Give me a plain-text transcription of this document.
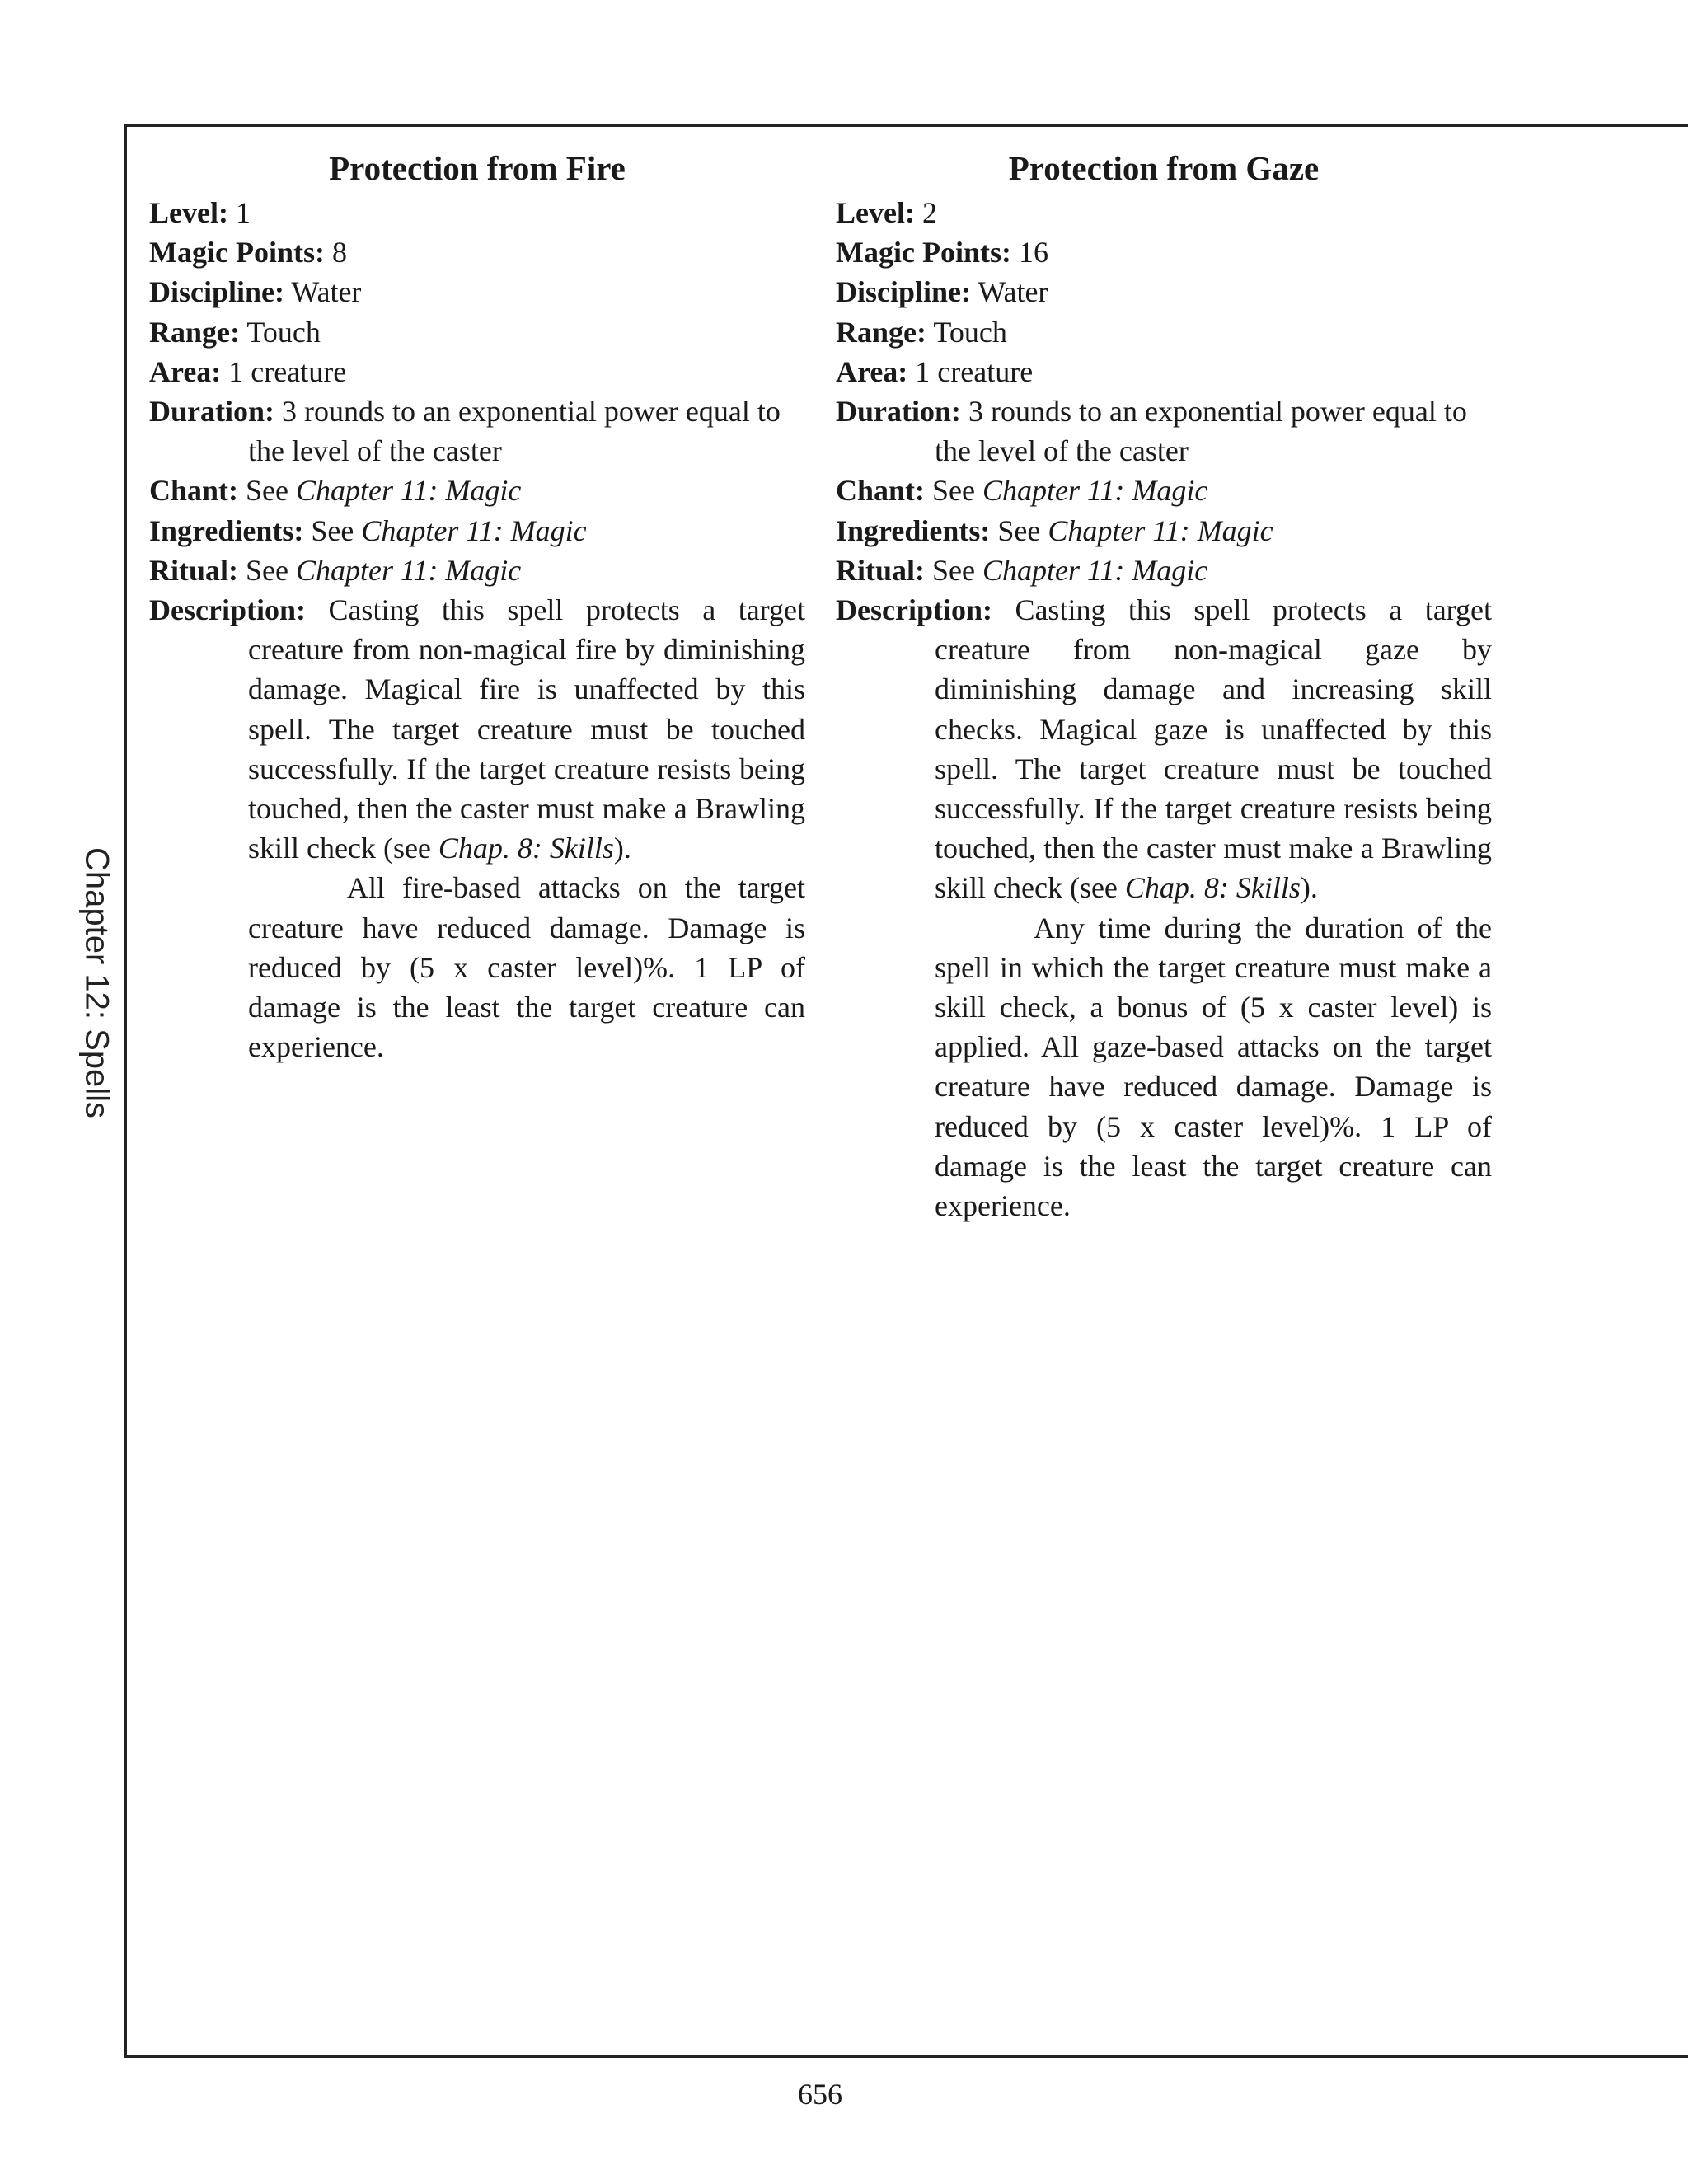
Chapter 12: Spells
Protection from Fire

Level: 1

Magic Points: 8

Discipline: Water

Range: Touch

Area: 1 creature

Duration: 3 rounds to an exponential power equal to the level of the caster

Chant: See Chapter 11: Magic

Ingredients: See Chapter 11: Magic

Ritual: See Chapter 11: Magic

Description: Casting this spell protects a target creature from non-magical fire by diminishing damage. Magical fire is unaffected by this spell. The target creature must be touched successfully. If the target creature resists being touched, then the caster must make a Brawling skill check (see Chap. 8: Skills).

All fire-based attacks on the target creature have reduced damage. Damage is reduced by (5 x caster level)%. 1 LP of damage is the least the target creature can experience.

Protection from Gaze

Level: 2

Magic Points: 16

Discipline: Water

Range: Touch

Area: 1 creature

Duration: 3 rounds to an exponential power equal to the level of the caster

Chant: See Chapter 11: Magic

Ingredients: See Chapter 11: Magic

Ritual: See Chapter 11: Magic

Description: Casting this spell protects a target creature from non-magical gaze by diminishing damage and increasing skill checks. Magical gaze is unaffected by this spell. The target creature must be touched successfully. If the target creature resists being touched, then the caster must make a Brawling skill check (see Chap. 8: Skills).

Any time during the duration of the spell in which the target creature must make a skill check, a bonus of (5 x caster level) is applied. All gaze-based attacks on the target creature have reduced damage. Damage is reduced by (5 x caster level)%. 1 LP of damage is the least the target creature can experience.

656
